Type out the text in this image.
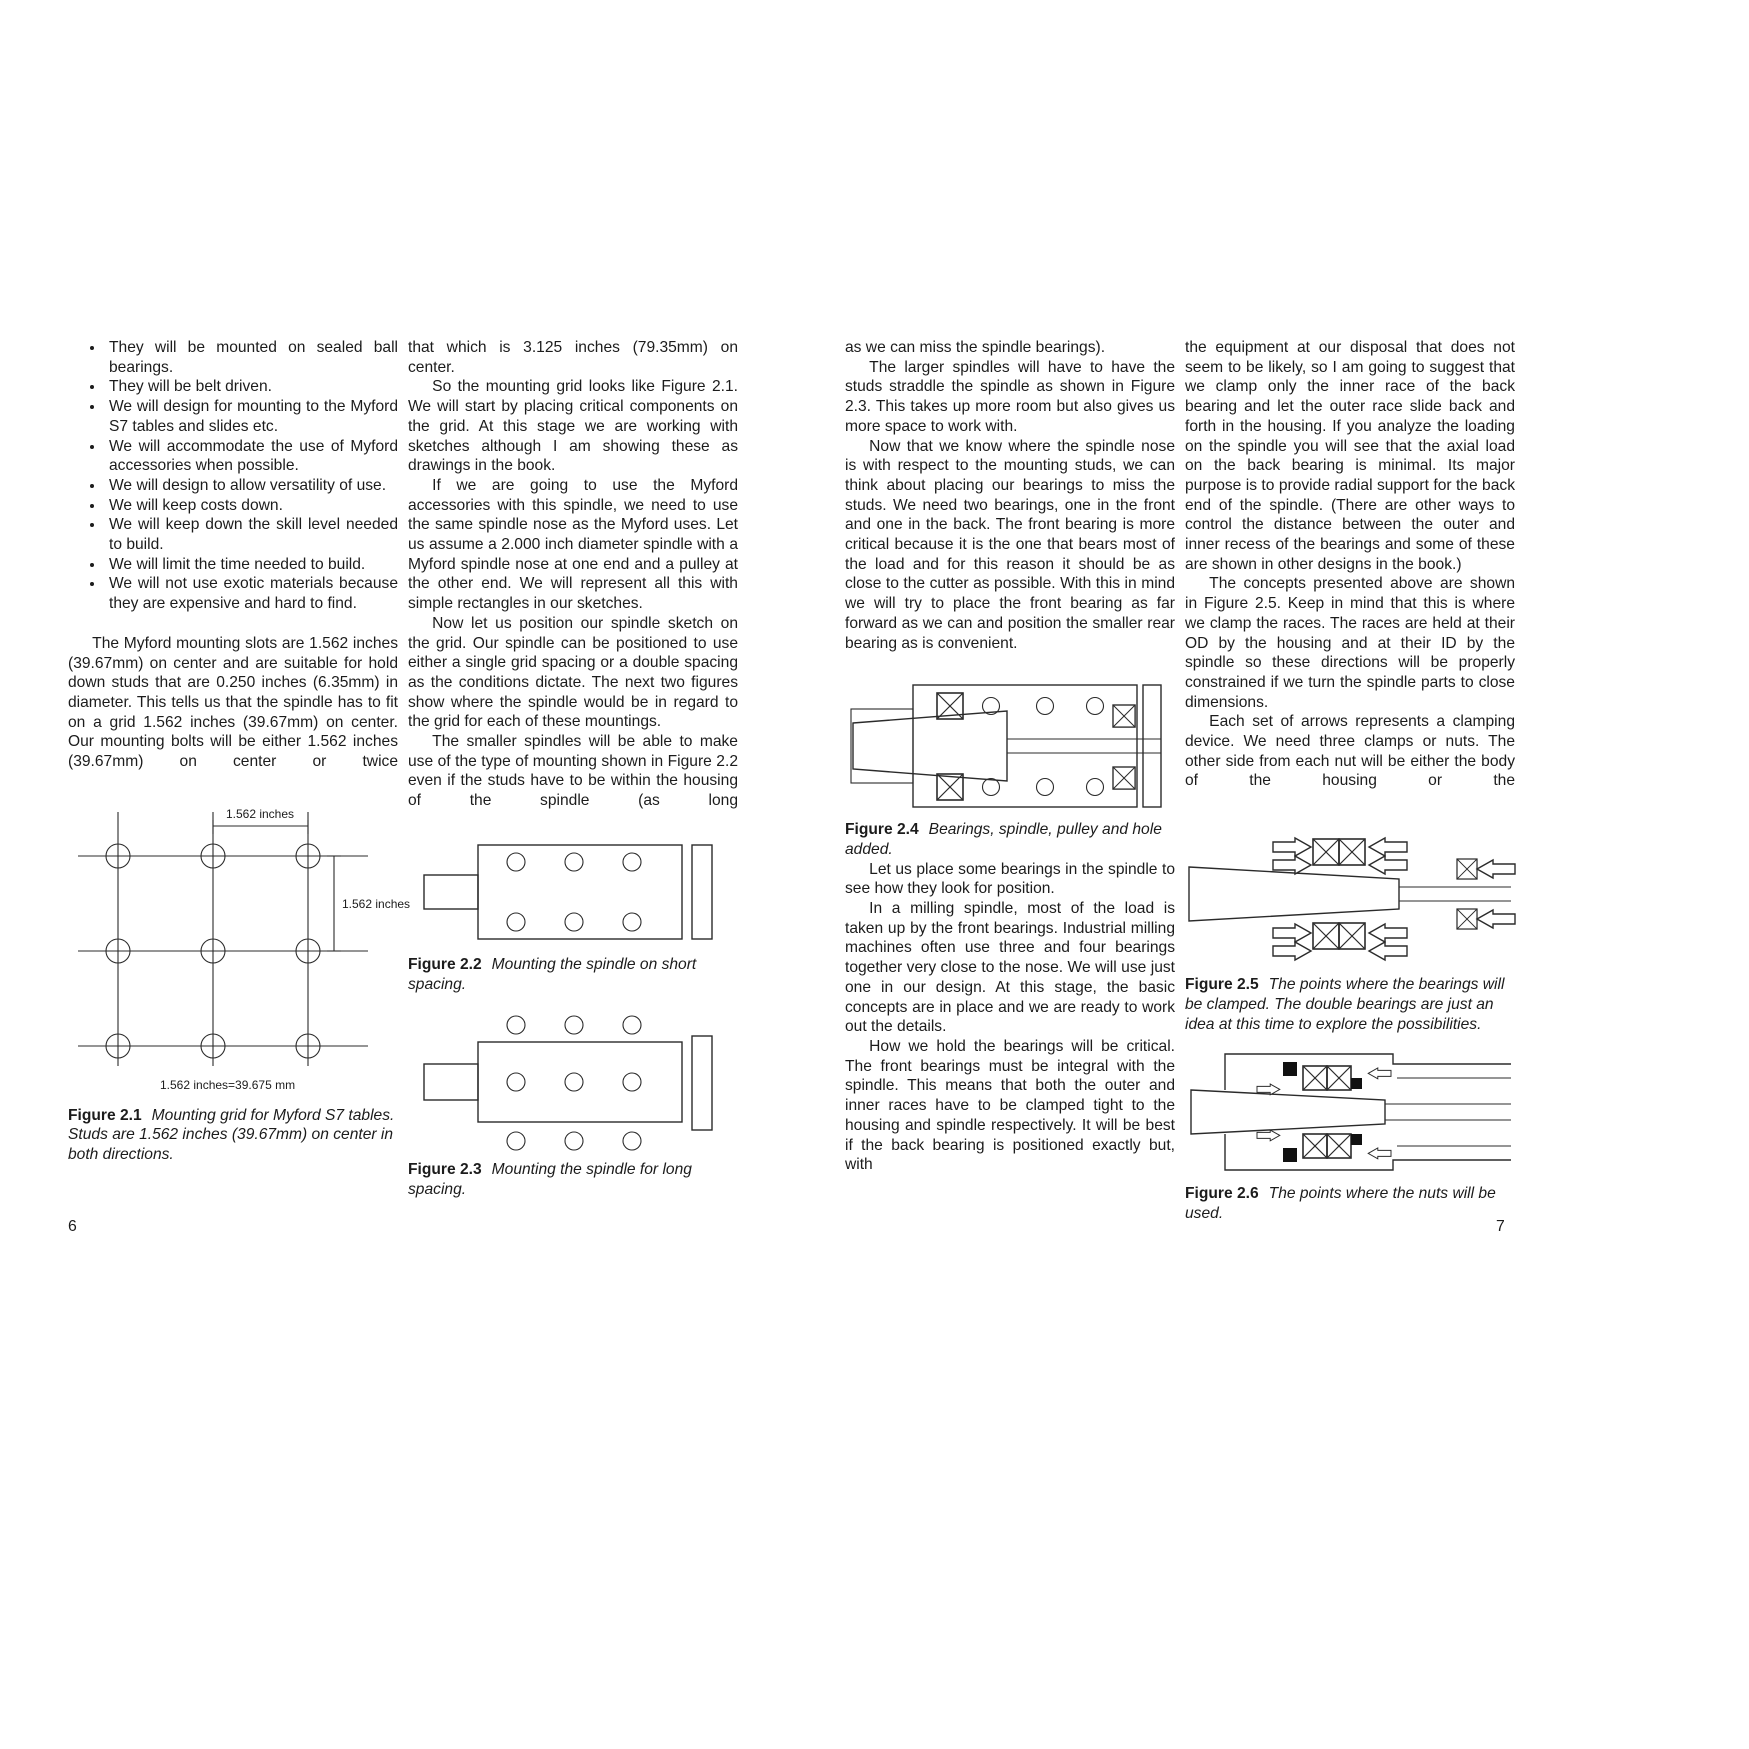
• They will be mounted on sealed ball bearings.
• They will be belt driven.
• We will design for mounting to the Myford S7 tables and slides etc.
• We will accommodate the use of Myford accessories when possible.
• We will design to allow versatility of use.
• We will keep costs down.
• We will keep down the skill level needed to build.
• We will limit the time needed to build.
• We will not use exotic materials because they are expensive and hard to find.

The Myford mounting slots are 1.562 inches (39.67mm) on center and are suitable for hold down studs that are 0.250 inches (6.35mm) in diameter. This tells us that the spindle has to fit on a grid 1.562 inches (39.67mm) on center. Our mounting bolts will be either 1.562 inches (39.67mm) on center or twice

1.562 inches
1.562 inches
1.562 inches=39.675 mm

Figure 2.1 Mounting grid for Myford S7 tables. Studs are 1.562 inches (39.67mm) on center in both directions.

that which is 3.125 inches (79.35mm) on center.

So the mounting grid looks like Figure 2.1. We will start by placing critical components on the grid. At this stage we are working with sketches although I am showing these as drawings in the book.

If we are going to use the Myford accessories with this spindle, we need to use the same spindle nose as the Myford uses. Let us assume a 2.000 inch diameter spindle with a Myford spindle nose at one end and a pulley at the other end. We will represent all this with simple rectangles in our sketches.

Now let us position our spindle sketch on the grid. Our spindle can be positioned to use either a single grid spacing or a double spacing as the conditions dictate. The next two figures show where the spindle would be in regard to the grid for each of these mountings.

The smaller spindles will be able to make use of the type of mounting shown in Figure 2.2 even if the studs have to be within the housing of the spindle (as long

Figure 2.2 Mounting the spindle on short spacing.

Figure 2.3 Mounting the spindle for long spacing.

as we can miss the spindle bearings).

The larger spindles will have to have the studs straddle the spindle as shown in Figure 2.3. This takes up more room but also gives us more space to work with.

Now that we know where the spindle nose is with respect to the mounting studs, we can think about placing our bearings to miss the studs. We need two bearings, one in the front and one in the back. The front bearing is more critical because it is the one that bears most of the load and for this reason it should be as close to the cutter as possible. With this in mind we will try to place the front bearing as far forward as we can and position the smaller rear bearing as is convenient.

Figure 2.4 Bearings, spindle, pulley and hole added.

Let us place some bearings in the spindle to see how they look for position.

In a milling spindle, most of the load is taken up by the front bearings. Industrial milling machines often use three and four bearings together very close to the nose. We will use just one in our design. At this stage, the basic concepts are in place and we are ready to work out the details.

How we hold the bearings will be critical. The front bearings must be integral with the spindle. This means that both the outer and inner races have to be clamped tight to the housing and spindle respectively. It will be best if the back bearing is positioned exactly but, with

the equipment at our disposal that does not seem to be likely, so I am going to suggest that we clamp only the inner race of the back bearing and let the outer race slide back and forth in the housing. If you analyze the loading on the spindle you will see that the axial load on the back bearing is minimal. Its major purpose is to provide radial support for the back end of the spindle. (There are other ways to control the distance between the outer and inner recess of the bearings and some of these are shown in other designs in the book.)

The concepts presented above are shown in Figure 2.5. Keep in mind that this is where we clamp the races. The races are held at their OD by the housing and at their ID by the spindle so these directions will be properly constrained if we turn the spindle parts to close dimensions.

Each set of arrows represents a clamping device. We need three clamps or nuts. The other side from each nut will be either the body of the housing or the

Figure 2.5 The points where the bearings will be clamped. The double bearings are just an idea at this time to explore the possibilities.

Figure 2.6 The points where the nuts will be used.

6	7
